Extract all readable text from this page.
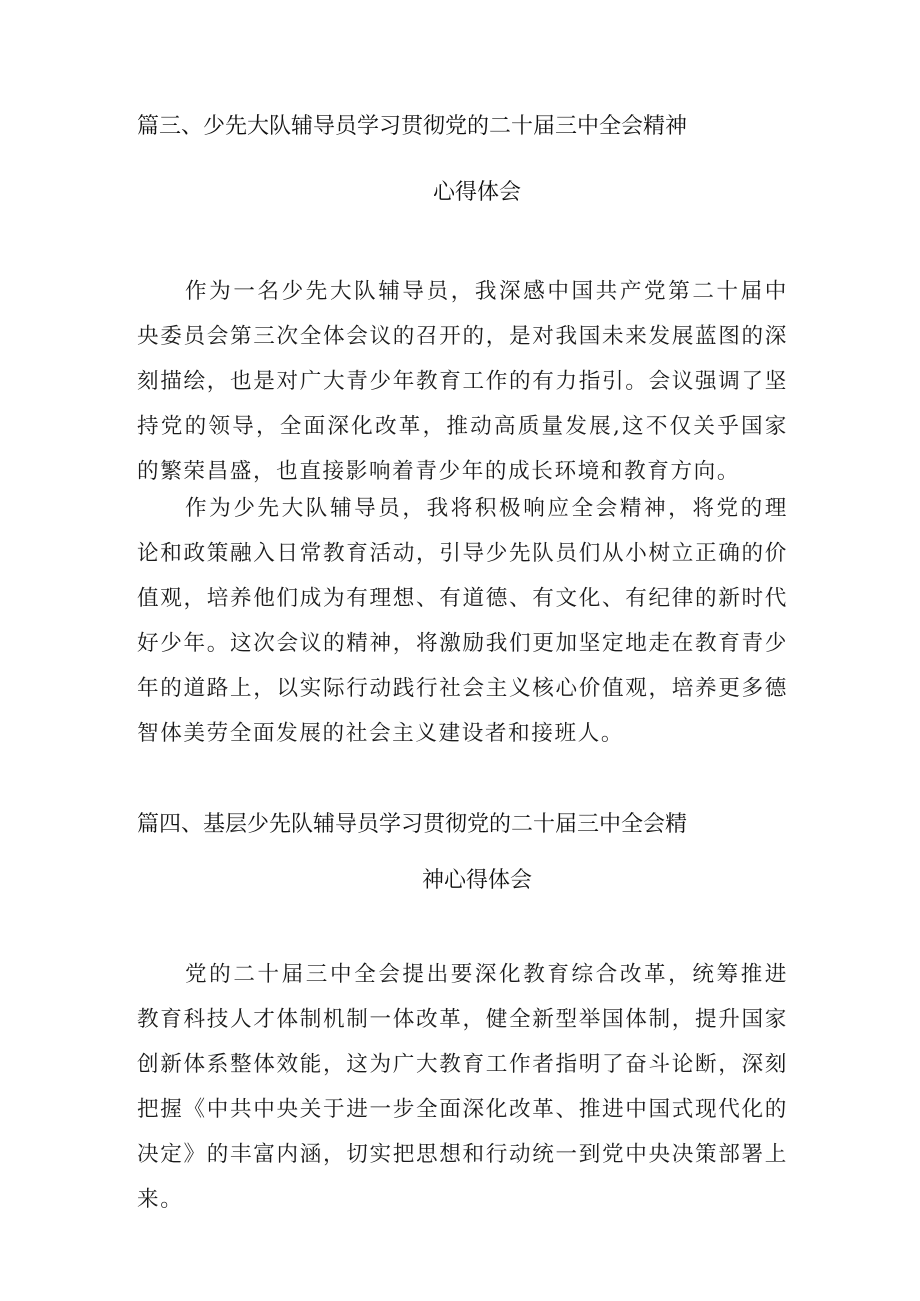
篇三、少先大队辅导员学习贯彻党的二十届三中全会精神
心得体会

作为一名少先大队辅导员，我深感中国共产党第二十届中央委员会第三次全体会议的召开的，是对我国未来发展蓝图的深刻描绘，也是对广大青少年教育工作的有力指引。会议强调了坚持党的领导，全面深化改革，推动高质量发展,这不仅关乎国家的繁荣昌盛，也直接影响着青少年的成长环境和教育方向。

作为少先大队辅导员，我将积极响应全会精神，将党的理论和政策融入日常教育活动，引导少先队员们从小树立正确的价值观，培养他们成为有理想、有道德、有文化、有纪律的新时代好少年。这次会议的精神，将激励我们更加坚定地走在教育青少年的道路上，以实际行动践行社会主义核心价值观，培养更多德智体美劳全面发展的社会主义建设者和接班人。

篇四、基层少先队辅导员学习贯彻党的二十届三中全会精
神心得体会

党的二十届三中全会提出要深化教育综合改革，统筹推进教育科技人才体制机制一体改革，健全新型举国体制，提升国家创新体系整体效能，这为广大教育工作者指明了奋斗论断，深刻把握《中共中央关于进一步全面深化改革、推进中国式现代化的决定》的丰富内涵，切实把思想和行动统一到党中央决策部署上来。
